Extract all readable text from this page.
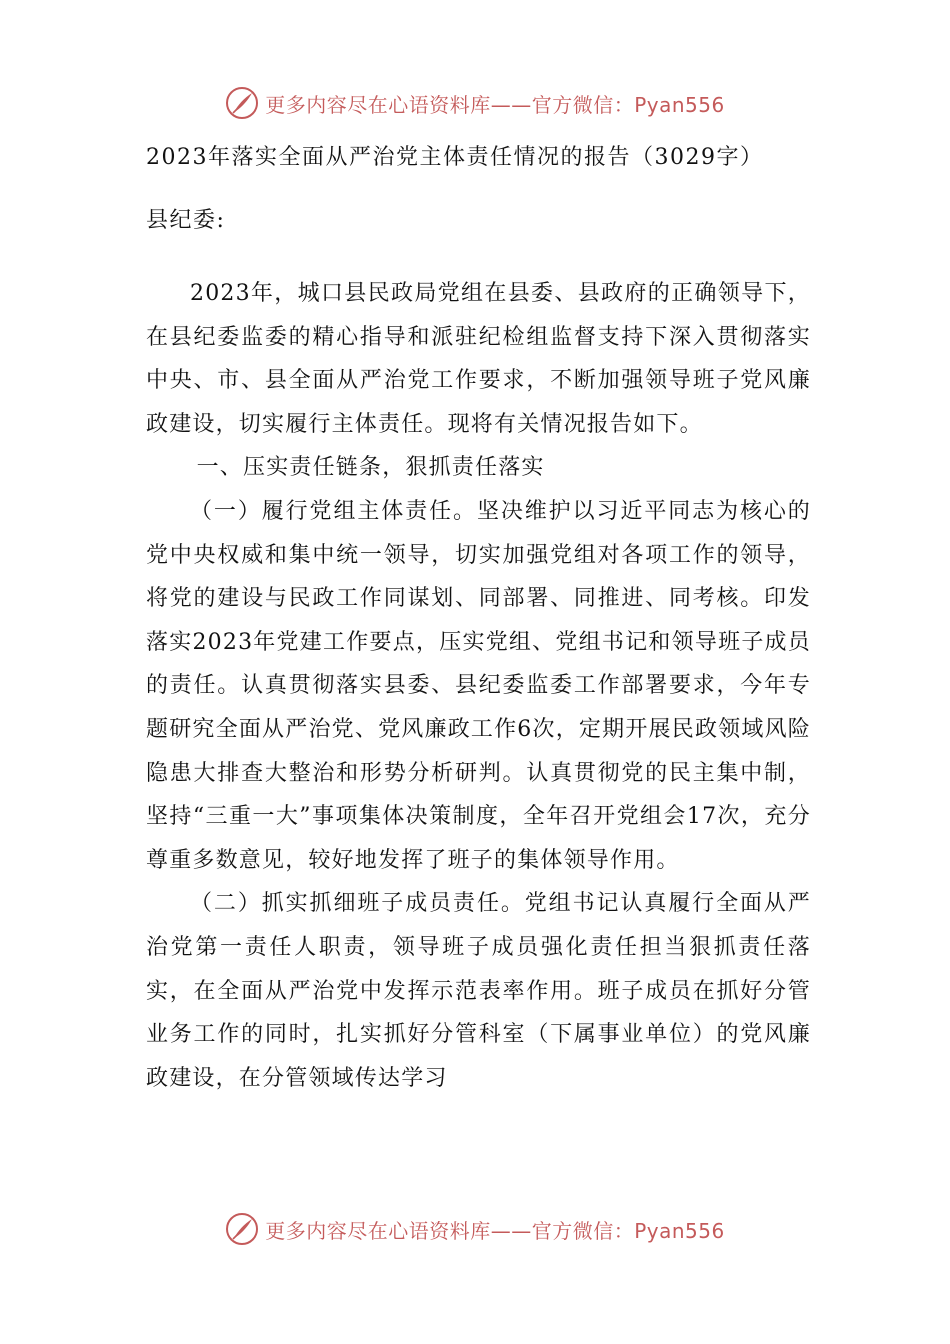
更多内容尽在心语资料库——官方微信：Pyan556
2023年落实全面从严治党主体责任情况的报告（3029字）
县纪委:

2023年，城口县民政局党组在县委、县政府的正确领导下，在县纪委监委的精心指导和派驻纪检组监督支持下深入贯彻落实中央、市、县全面从严治党工作要求，不断加强领导班子党风廉政建设，切实履行主体责任。现将有关情况报告如下。

一、压实责任链条，狠抓责任落实

（一）履行党组主体责任。坚决维护以习近平同志为核心的党中央权威和集中统一领导，切实加强党组对各项工作的领导，将党的建设与民政工作同谋划、同部署、同推进、同考核。印发落实2023年党建工作要点，压实党组、党组书记和领导班子成员的责任。认真贯彻落实县委、县纪委监委工作部署要求，今年专题研究全面从严治党、党风廉政工作6次，定期开展民政领域风险隐患大排查大整治和形势分析研判。认真贯彻党的民主集中制，坚持“三重一大”事项集体决策制度，全年召开党组会17次，充分尊重多数意见，较好地发挥了班子的集体领导作用。

（二）抓实抓细班子成员责任。党组书记认真履行全面从严治党第一责任人职责，领导班子成员强化责任担当狠抓责任落实，在全面从严治党中发挥示范表率作用。班子成员在抓好分管业务工作的同时，扎实抓好分管科室（下属事业单位）的党风廉政建设，在分管领域传达学习

更多内容尽在心语资料库——官方微信：Pyan556
